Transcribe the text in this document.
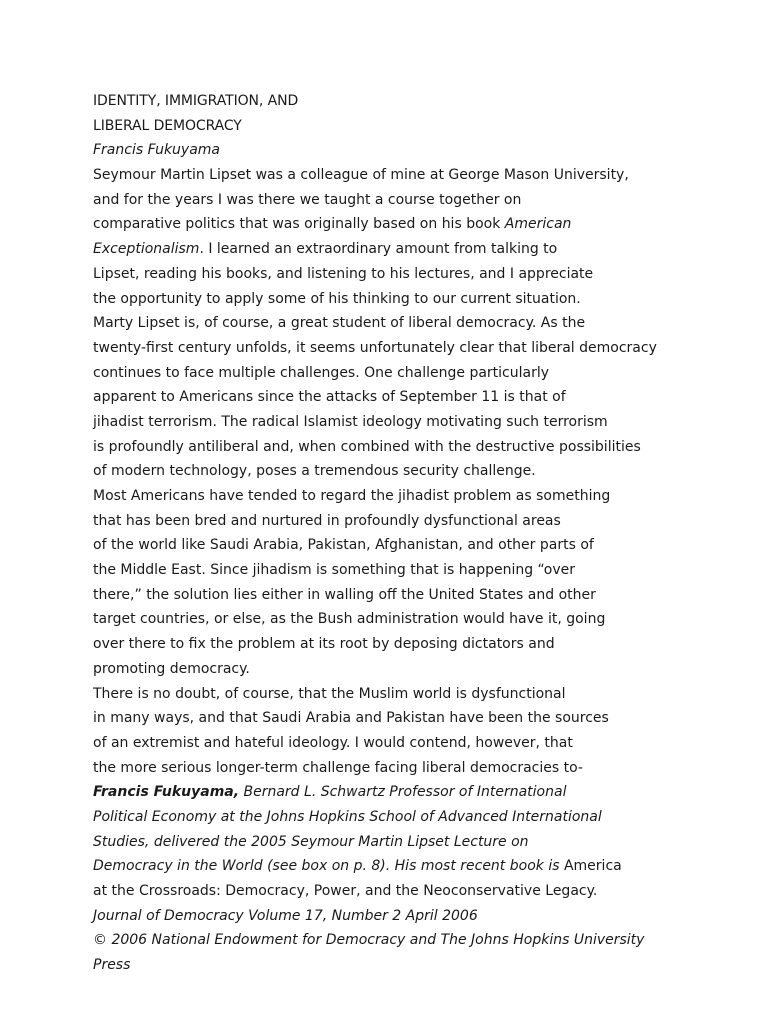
IDENTITY, IMMIGRATION, AND
LIBERAL DEMOCRACY
Francis Fukuyama
Seymour Martin Lipset was a colleague of mine at George Mason University,
and for the years I was there we taught a course together on
comparative politics that was originally based on his book American
Exceptionalism. I learned an extraordinary amount from talking to
Lipset, reading his books, and listening to his lectures, and I appreciate
the opportunity to apply some of his thinking to our current situation.
Marty Lipset is, of course, a great student of liberal democracy. As the
twenty-first century unfolds, it seems unfortunately clear that liberal democracy
continues to face multiple challenges. One challenge particularly
apparent to Americans since the attacks of September 11 is that of
jihadist terrorism. The radical Islamist ideology motivating such terrorism
is profoundly antiliberal and, when combined with the destructive possibilities
of modern technology, poses a tremendous security challenge.
Most Americans have tended to regard the jihadist problem as something
that has been bred and nurtured in profoundly dysfunctional areas
of the world like Saudi Arabia, Pakistan, Afghanistan, and other parts of
the Middle East. Since jihadism is something that is happening “over
there,” the solution lies either in walling off the United States and other
target countries, or else, as the Bush administration would have it, going
over there to fix the problem at its root by deposing dictators and
promoting democracy.
There is no doubt, of course, that the Muslim world is dysfunctional
in many ways, and that Saudi Arabia and Pakistan have been the sources
of an extremist and hateful ideology. I would contend, however, that
the more serious longer-term challenge facing liberal democracies to-
Francis Fukuyama, Bernard L. Schwartz Professor of International
Political Economy at the Johns Hopkins School of Advanced International
Studies, delivered the 2005 Seymour Martin Lipset Lecture on
Democracy in the World (see box on p. 8). His most recent book is America
at the Crossroads: Democracy, Power, and the Neoconservative Legacy.
Journal of Democracy Volume 17, Number 2 April 2006
© 2006 National Endowment for Democracy and The Johns Hopkins University
Press
